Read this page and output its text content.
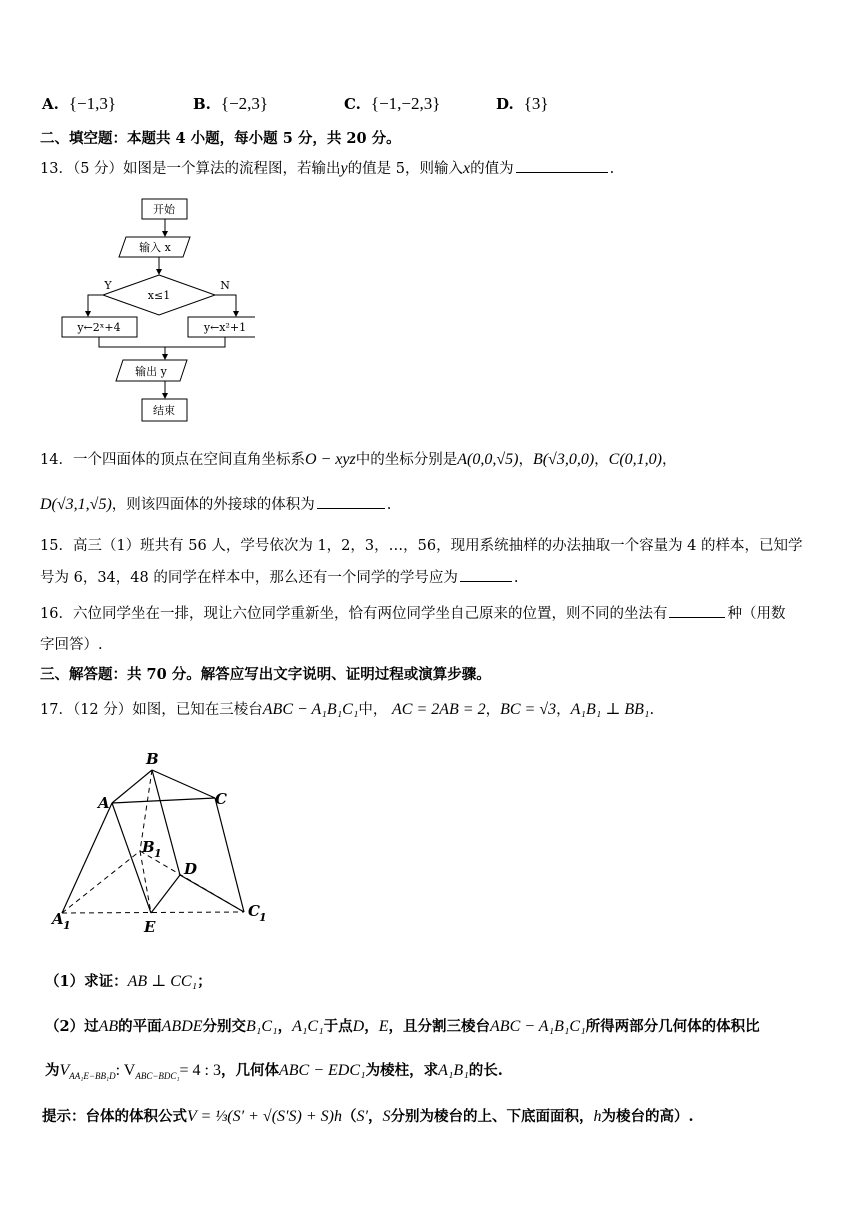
A. {−1,3}	B. {−2,3}	C. {−1,−2,3}	D. {3}
二、填空题：本题共 4 小题，每小题 5 分，共 20 分。
13．（5 分）如图是一个算法的流程图，若输出y的值是 5，则输入x的值为	.
开始
输入 x
x≤1
Y	N
y←2ˣ+4	y←x²+1
输出 y
结束
14．一个四面体的顶点在空间直角坐标系O − xyz中的坐标分别是A(0,0,√5)，B(√3,0,0)，C(0,1,0)，
D(√3,1,√5)，则该四面体的外接球的体积为	.
15．高三（1）班共有 56 人，学号依次为 1，2，3，…，56，现用系统抽样的办法抽取一个容量为 4 的样本，已知学
号为 6，34，48 的同学在样本中，那么还有一个同学的学号应为	.
16．六位同学坐在一排，现让六位同学重新坐，恰有两位同学坐自己原来的位置，则不同的坐法有	种（用数
字回答）.
三、解答题：共 70 分。解答应写出文字说明、证明过程或演算步骤。
17．（12 分）如图，已知在三棱台ABC − A₁B₁C₁中， AC = 2AB = 2，BC = √3，A₁B₁ ⊥ BB₁.
B
A	C
B 1
D
A 1	E
C 1
（1）求证：AB ⊥ CC₁；
（2）过AB的平面ABDE分别交B₁C₁，A₁C₁于点D，E，且分割三棱台ABC − A₁B₁C₁所得两部分几何体的体积比
为$V_{AA_1E-BB_1D}$: $V_{ABC-BDC_1}= 4$ : 3，几何体ABC − EDC₁为棱柱，求A₁B₁的长.
提示：台体的体积公式V = ⅓(S′ + √(S′S) + S)h（S′，S分别为棱台的上、下底面面积，h为棱台的高）.
